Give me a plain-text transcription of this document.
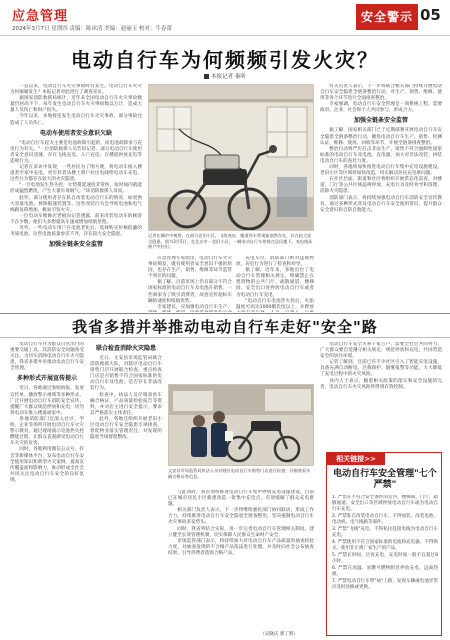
应急管理
2024年3月7日 星期四 责编：陈冰清 美编：赵丽玉 校对：牛春蕾
安全警示 05
电动自行车为何频频引发火灾？
本报记者 秦昕

一直以来，电动自行车火灾事故时有发生。电动自行车火灾为何屡屡发生？本报记者对此进行了调查采访。

据国家消防救援局统计，近年来全国电动自行车火灾事故数量仍居高不下，每年发生电动自行车火灾事故数以万计，造成大量人员伤亡和财产损失。

今年以来，多地接连发生电动自行车火灾事故，部分事故还造成了人员伤亡。

电动车使用者安全意识欠缺

"电动自行车起火主要是电池故障引起的，而电池故障多与充电行为有关。"一位消防救援人员告诉记者，部分电动自行车使用者安全意识淡薄，存在飞线充电、入户充电、在楼道停放充电等违规行为。

记者在采访中发现，一些居民为了图方便，将电动车推入楼道甚至家中充电，更有甚者从楼上窗户拉出电线给电动车充电。这些行为都存在较大的火灾隐患。

"一旦电池发生热失控，火势蔓延速度非常快，短时间内就能形成猛烈燃烧，产生大量有毒烟气。"该消防救援人员说。

此外，部分使用者存在私自改装电动自行车的情况，如更换大容量电池、拆除限速装置等。这些改装行为会导致电池和电气线路负荷增加，极易引发火灾。

一位电动车维修店老板向记者透露，前来改装电动车的顾客不在少数，他们大多想提高车速或增加续航里程。

另外，一些电动车用户在电池老化后，选择购买价格低廉的劣质电池，这些电池质量参差不齐，存在较大安全隐患。

加强全链条安全监管

记者在城市中观察，在部分老旧小区，飞线充电、楼道停车等现象依然存在，存在较大安全隐患。图为3月5日，在北京市一老旧小区，一辆电动自行车停放在居民楼下，充电线从窗户中拉出。

应急管理专家指出，电动自行车火灾事故频发，既有使用者安全意识不强的原因，也存在生产、销售、维修等环节监管不到位的问题。

据了解，目前市场上仍有部分不符合国家标准的电动自行车及电池在销售，一些商家为了吸引消费者，故意宣传超标车辆的速度和续航优势。

专家建议，应加强电动自行车生产、

充电车位，消防部门则对违规停放、充电行为进行了检查和劝导。

据了解，近年来，多地出台了电动自行车管理相关规定，明确禁止在建筑物的公共门厅、疏散通道、楼梯间、安全出口处停放电动自行车或者为电动自行车充电。

"电动自行车电池热失控后，火焰温度可高达1000摄氏度以上，并释放

有关负责人表示，下一步将联合相关部门持续开展电动自行车安全隐患全链条整治行动，对生产、销售、维修、使用等各个环节进行全面排查整治。

专家强调，电动自行车安全管理是一项系统工程，需要政府、企业、社会和个人共同参与，形成合力。

加强全链条安全监管

据了解，国家相关部门已于近期部署开展电动自行车安全隐患全链条整治行动，聚焦电动自行车生产、销售、检测认证、维修、使用、回收等环节，开展全链条排查整治。

整治行动将严厉打击非法生产、销售不符合强制性国家标准的电动自行车及电池、充电器，加大对非法改装、拼装电动自行车的查处力度。

同时，各地将加快推进电动自行车集中充电设施建设，老旧小区等区域将加快改造，切实解决居民充电难问题。

在社区层面，街道和社区将组织开展常态化巡查，对楼道、门厅等公共区域违规停放、充电行为及时劝导和清理，消除火灾隐患。

消防部门表示，将持续加强电动自行车消防安全宣传教育，通过多种形式普及电动自行车安全使用常识，提升群众安全意识和自防自救能力。

我省多措并举推动电动自行车走好"安全"路

电动自行车作为群众日常出行的重要交通工具，其消防安全问题备受关注。为切实消除电动自行车火灾隐患，我省多措并举推动电动自行车安全管理。

多种形式开展宣传提示

近日，各地通过张贴海报、发放宣传单、播放警示视频等多种形式，广泛开展电动自行车消防安全宣传，提醒广大群众规范停放和充电，切勿将电动车推入楼道或家中。

各地消防部门还深入社区、学校、企业等场所开展电动自行车火灾警示教育，通过现场演示电池热失控燃烧过程，让群众直观感受电动自行车火灾的危害。

同时，各地利用微信公众号、抖音等新媒体平台，发布电动自行车安全使用知识和典型火灾案例，提高宣传覆盖面和影响力，推动形成全社会共同关注电动自行车安全的良好氛围。

联合检查消除火灾隐患

近日，文安县市场监管局联合消防救援大队，对辖区电动自行车销售门店开展联合检查，重点检查门店是否销售不符合国家标准的电动自行车及电池，是否存在非法改装行为。

检查中，执法人员仔细查看车辆合格证、产品质量检验报告等资料，并对店主进行安全提示，要求其严格落实主体责任。

此外，各地还组织开展老旧小区电动自行车安全隐患专项排查，督促物业落实管理责任，对发现的隐患当场督促整改。

文安县市场监管局执法人员对辖区电动自行车销售门店进行检查，仔细查看车辆合格证等信息。

与此同时，我省加快推进电动自行车集中停放充电设施建设，目前已在城市居民小区新建改造一批集中充电点，有效缓解了群众充电难题。

相关部门负责人表示，下一步将继续强化部门协同联动，形成工作合力，持续推进电动自行车安全隐患全链条整治，坚决遏制电动自行车火灾事故多发势头。

同时，我省将结合实际，进一步完善电动自行车管理相关制度，建立健全长效管理机制，切实保障人民群众生命财产安全。

市场监管部门表示，将持续加大对电动自行车产品质量的抽查检验力度，对抽查发现的不合格产品依法进行处理，并及时向社会公布抽查结果，引导消费者选购合格产品。

（吴晓庆 郭丁辉）

电动自行车安全关系千家万户，需要全社会共同努力。广大群众要自觉遵守相关规定，规范停放和充电，共同营造安全的居住环境。

记者了解到，目前已有不少社区引入了智能充电设施，具备充满自动断电、过载保护、烟雾报警等功能，大大降低了充电过程中的火灾风险。

业内人士表示，随着相关政策的落实和安全设施的完善，电动自行车火灾风险将得到有效控制。

相关链接>>
电动自行车安全管理"七个严禁"

1. 严禁在不符合安全条件的室内、楼梯间、门厅、疏散通道、安全出口等区域停放电动自行车或为电动自行车充电。

2. 严禁私自改装电动自行车，不得加装、改装电池、电动机、电气线路等部件。

3. 严禁"飞线"充电，不得私拉乱接电线为电动自行车充电。

4. 严禁使用不符合国家标准的电池和充电器，不得购买、使用非正规厂家生产的产品。

5. 严禁长时间、过夜充电，充电时间一般不宜超过8小时。

6. 严禁在高温、易燃可燃物附近停放充电，远离热源。

7. 严禁电动自行车带"病"上路，发现车辆或电池异常应及时送修或更换。
